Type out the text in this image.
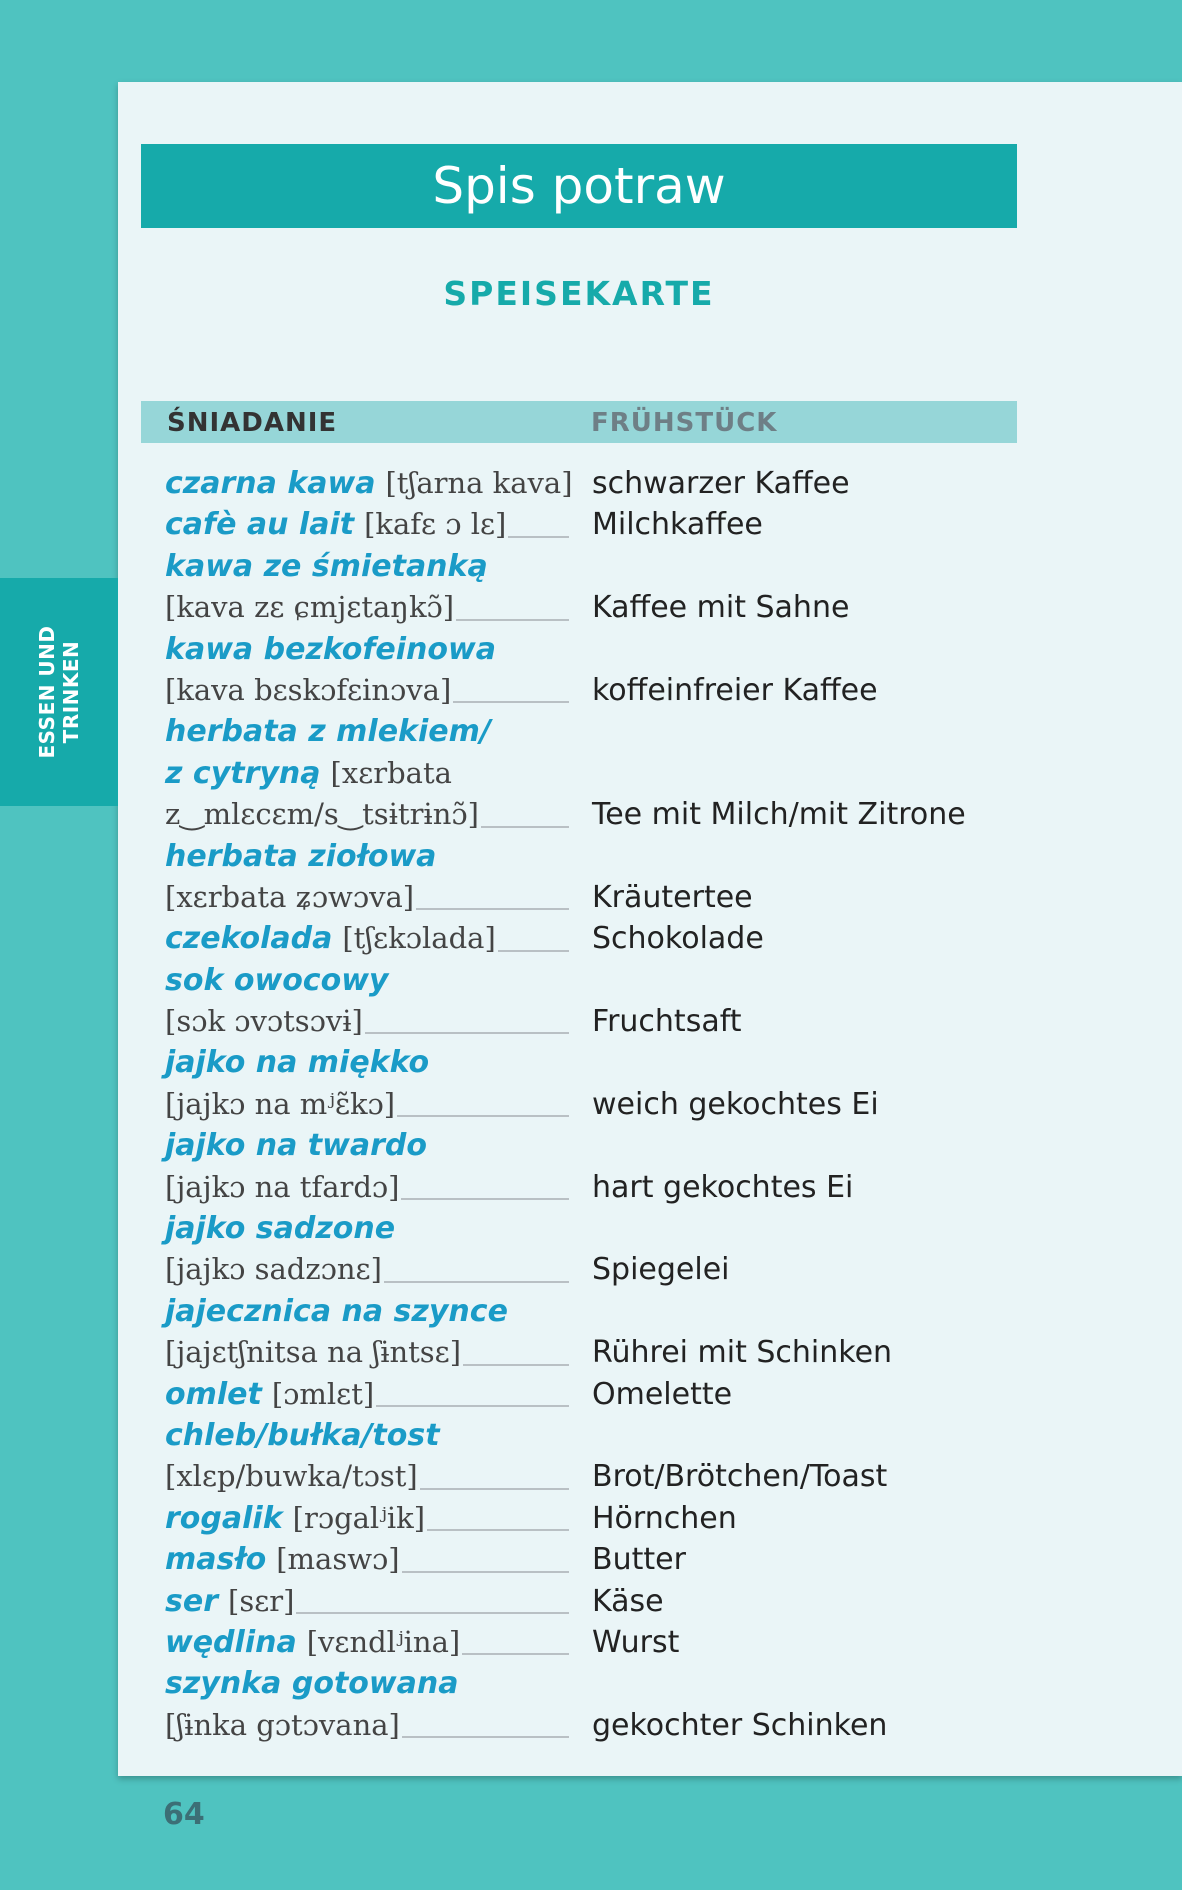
ESSEN UND TRINKEN
Spis potraw
SPEISEKARTE
ŚNIADANIE	FRÜHSTÜCK
czarna kawa [tʃarna kava] schwarzer Kaffee
cafè au lait [kafɛ ɔ lɛ]	Milchkaffee
kawa ze śmietanką
[kava zɛ ɕmjɛtaŋkɔ̃]	Kaffee mit Sahne
kawa bezkofeinowa
[kava bɛskɔfɛinɔva]	koffeinfreier Kaffee
herbata z mlekiem/
z cytryną [xɛrbata
z‿mlɛcɛm/s‿tsɨtrɨnɔ̃]	Tee mit Milch/mit Zitrone
herbata ziołowa
[xɛrbata ʑɔwɔva]	Kräutertee
czekolada [tʃɛkɔlada]	Schokolade
sok owocowy
[sɔk ɔvɔtsɔvɨ]	Fruchtsaft
jajko na miękko
[jajkɔ na mʲɛ̃kɔ]	weich gekochtes Ei
jajko na twardo
[jajkɔ na tfardɔ]	hart gekochtes Ei
jajko sadzone
[jajkɔ sadzɔnɛ]	Spiegelei
jajecznica na szynce
[jajɛtʃnitsa na ʃɨntsɛ]	Rührei mit Schinken
omlet [ɔmlɛt]	Omelette
chleb/bułka/tost
[xlɛp/buwka/tɔst]	Brot/Brötchen/Toast
rogalik [rɔgalʲik]	Hörnchen
masło [maswɔ]	Butter
ser [sɛr]	Käse
wędlina [vɛndlʲina]	Wurst
szynka gotowana
[ʃɨnka gɔtɔvana]	gekochter Schinken
64
